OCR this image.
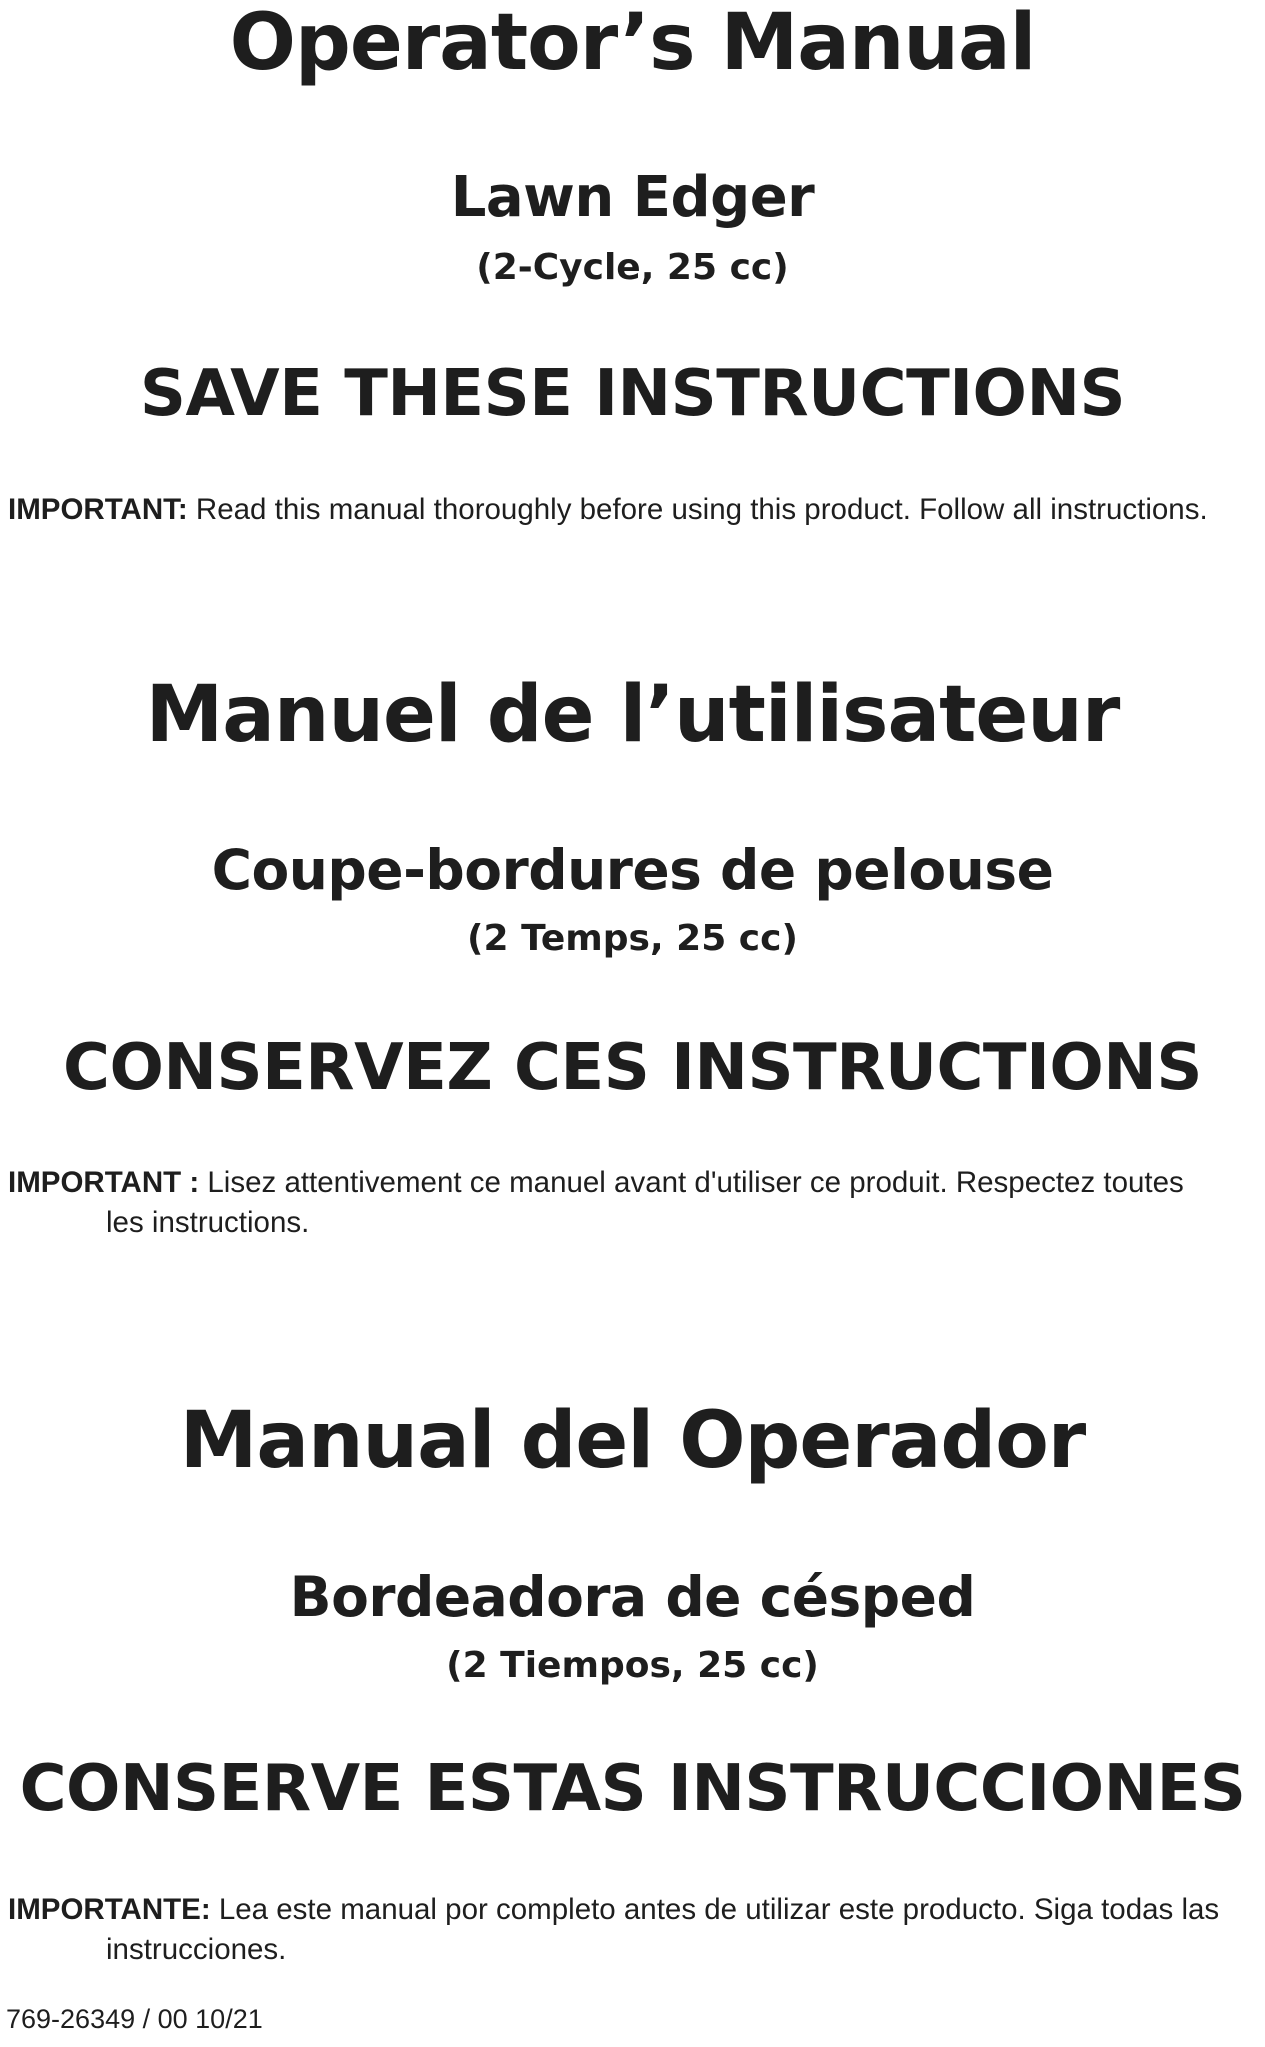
Operator’s Manual
Lawn Edger
(2-Cycle, 25 cc)
SAVE THESE INSTRUCTIONS
IMPORTANT: Read this manual thoroughly before using this product. Follow all instructions.
Manuel de l’utilisateur
Coupe-bordures de pelouse
(2 Temps, 25 cc)
CONSERVEZ CES INSTRUCTIONS
IMPORTANT : Lisez attentivement ce manuel avant d'utiliser ce produit. Respectez toutes
les instructions.
Manual del Operador
Bordeadora de césped
(2 Tiempos, 25 cc)
CONSERVE ESTAS INSTRUCCIONES
IMPORTANTE: Lea este manual por completo antes de utilizar este producto. Siga todas las
instrucciones.
769-26349 / 00 10/21
